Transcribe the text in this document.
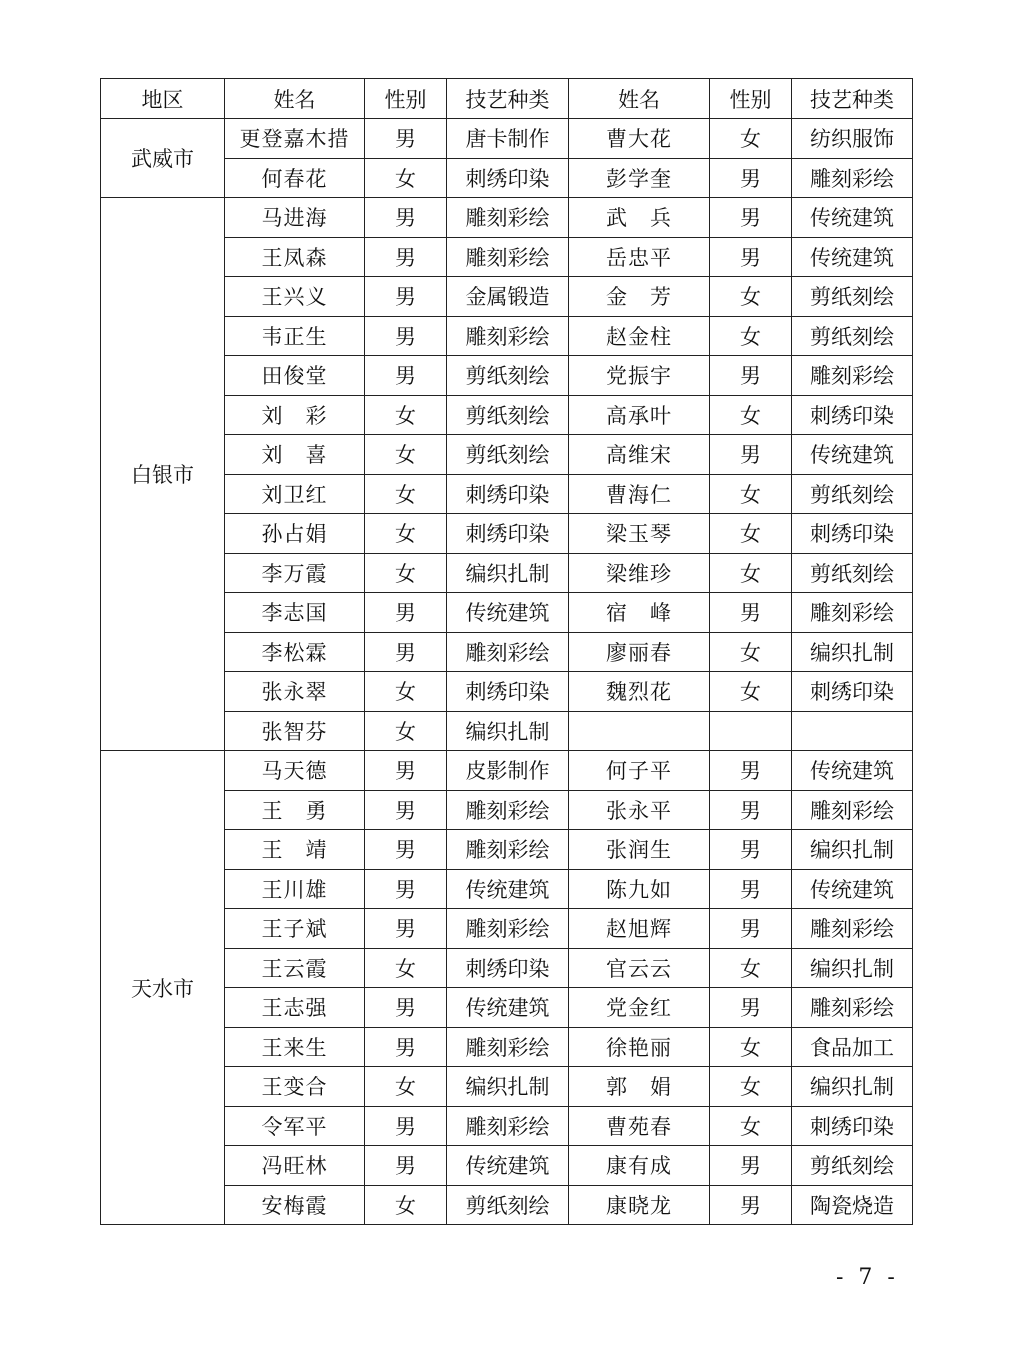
地区	姓名	性别	技艺种类	姓名	性别	技艺种类
武威市	更登嘉木措	男	唐卡制作	曹大花	女	纺织服饰
	何春花	女	刺绣印染	彭学奎	男	雕刻彩绘
白银市	马进海	男	雕刻彩绘	武　兵	男	传统建筑
	王凤森	男	雕刻彩绘	岳忠平	男	传统建筑
	王兴义	男	金属锻造	金　芳	女	剪纸刻绘
	韦正生	男	雕刻彩绘	赵金柱	女	剪纸刻绘
	田俊堂	男	剪纸刻绘	党振宇	男	雕刻彩绘
	刘　彩	女	剪纸刻绘	高承叶	女	刺绣印染
	刘　喜	女	剪纸刻绘	高维宋	男	传统建筑
	刘卫红	女	刺绣印染	曹海仁	女	剪纸刻绘
	孙占娟	女	刺绣印染	梁玉琴	女	刺绣印染
	李万霞	女	编织扎制	梁维珍	女	剪纸刻绘
	李志国	男	传统建筑	宿　峰	男	雕刻彩绘
	李松霖	男	雕刻彩绘	廖丽春	女	编织扎制
	张永翠	女	刺绣印染	魏烈花	女	刺绣印染
	张智芬	女	编织扎制			
天水市	马天德	男	皮影制作	何子平	男	传统建筑
	王　勇	男	雕刻彩绘	张永平	男	雕刻彩绘
	王　靖	男	雕刻彩绘	张润生	男	编织扎制
	王川雄	男	传统建筑	陈九如	男	传统建筑
	王子斌	男	雕刻彩绘	赵旭辉	男	雕刻彩绘
	王云霞	女	刺绣印染	官云云	女	编织扎制
	王志强	男	传统建筑	党金红	男	雕刻彩绘
	王来生	男	雕刻彩绘	徐艳丽	女	食品加工
	王变合	女	编织扎制	郭　娟	女	编织扎制
	令军平	男	雕刻彩绘	曹苑春	女	刺绣印染
	冯旺林	男	传统建筑	康有成	男	剪纸刻绘
	安梅霞	女	剪纸刻绘	康晓龙	男	陶瓷烧造
- 7 -
